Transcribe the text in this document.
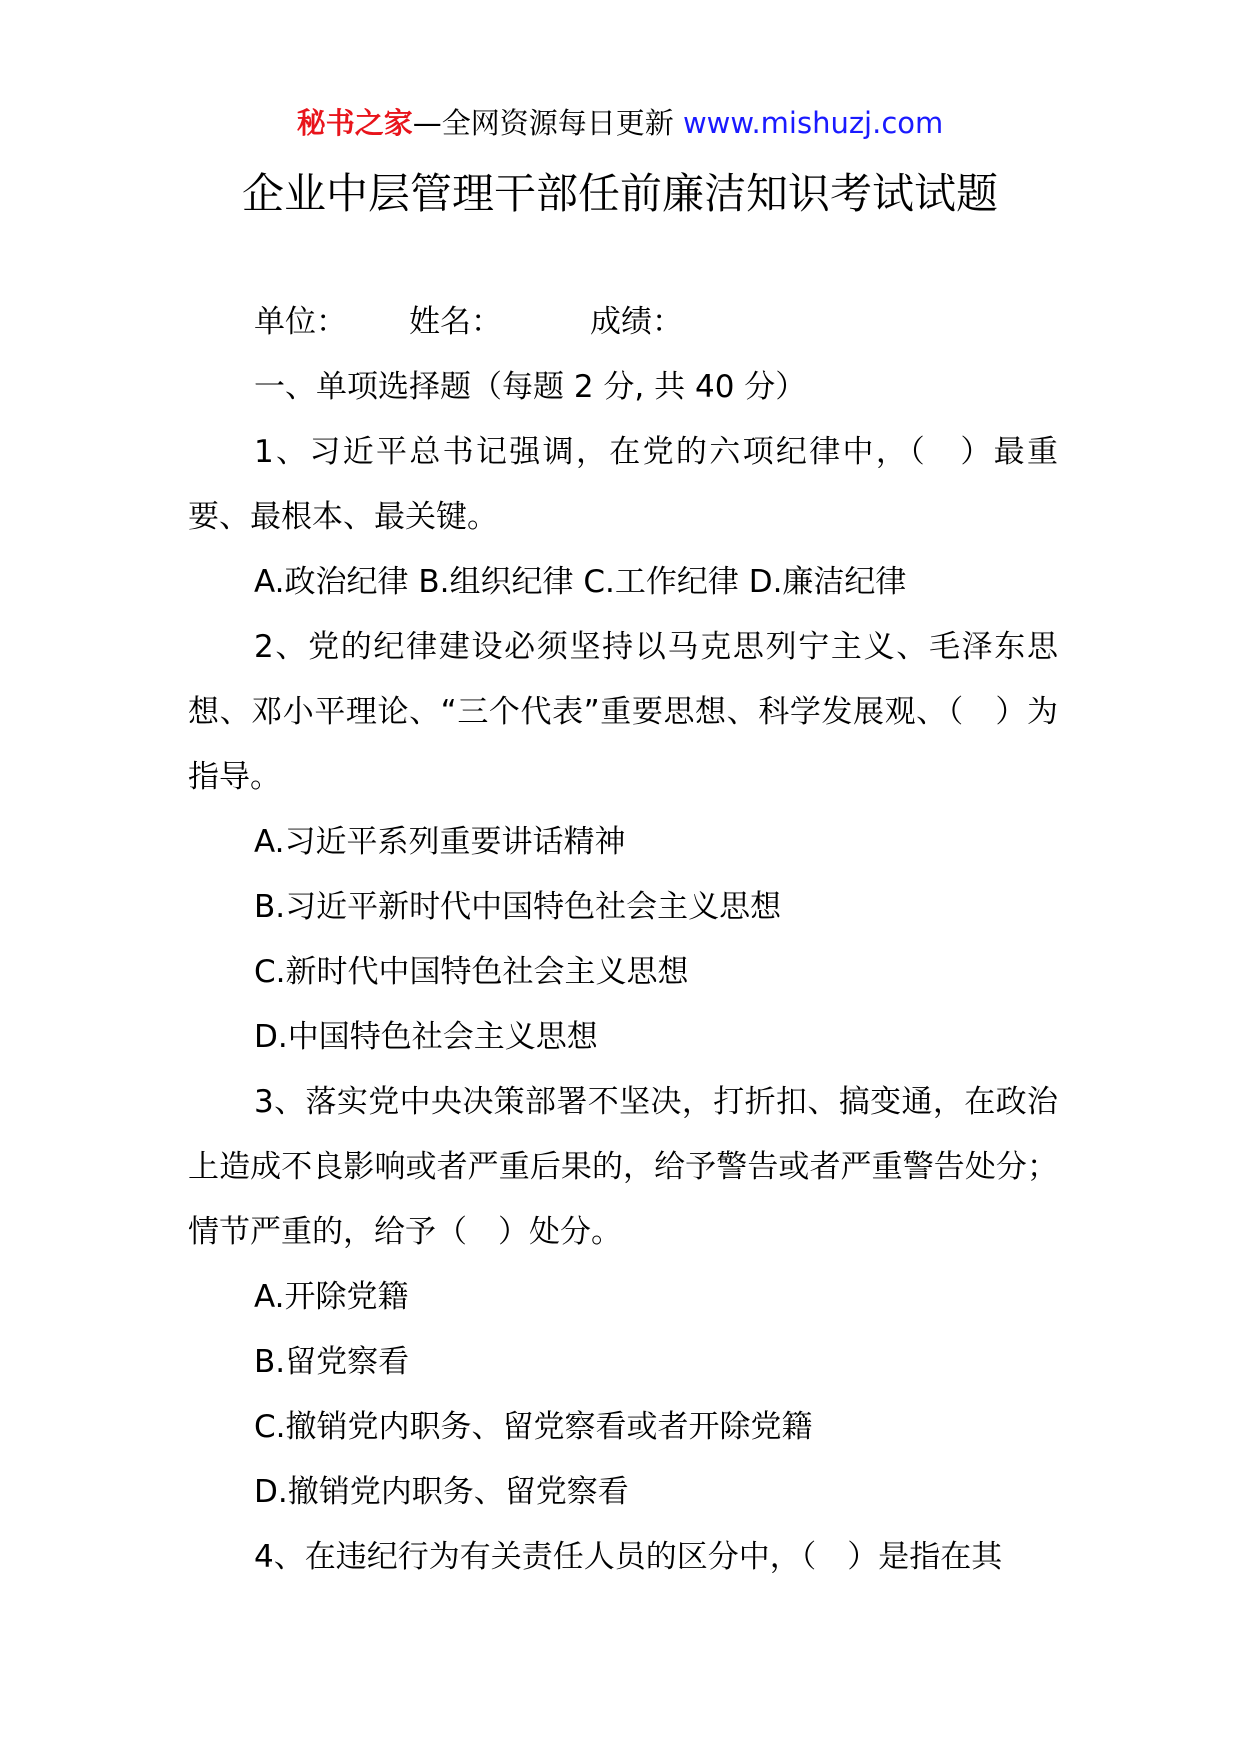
秘书之家—全网资源每日更新 www.mishuzj.com
企业中层管理干部任前廉洁知识考试试题

单位： 姓名：	成绩：

一、单项选择题（每题 2 分, 共 40 分）

1、习近平总书记强调，在党的六项纪律中，（　）最重要、最根本、最关键。

A.政治纪律 B.组织纪律 C.工作纪律 D.廉洁纪律

2、党的纪律建设必须坚持以马克思列宁主义、毛泽东思想、邓小平理论、“三个代表”重要思想、科学发展观、（　）为指导。

A.习近平系列重要讲话精神

B.习近平新时代中国特色社会主义思想

C.新时代中国特色社会主义思想

D.中国特色社会主义思想

3、落实党中央决策部署不坚决，打折扣、搞变通，在政治上造成不良影响或者严重后果的，给予警告或者严重警告处分；情节严重的，给予（　）处分。

A.开除党籍

B.留党察看

C.撤销党内职务、留党察看或者开除党籍

D.撤销党内职务、留党察看

4、在违纪行为有关责任人员的区分中，（　）是指在其
